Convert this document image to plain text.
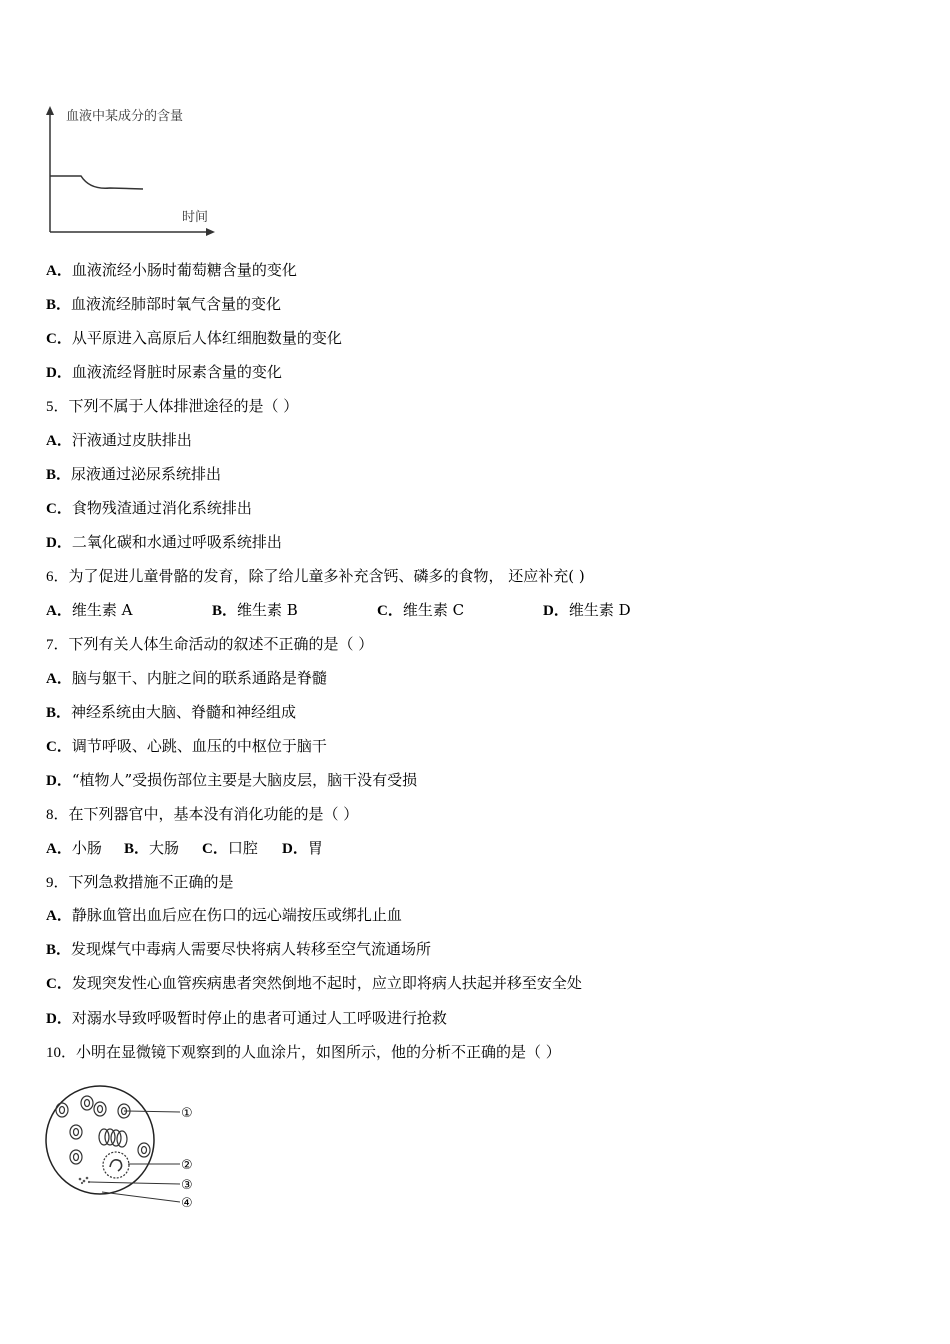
血液中某成分的含量
时间
A．血液流经小肠时葡萄糖含量的变化
B．血液流经肺部时氧气含量的变化
C．从平原进入高原后人体红细胞数量的变化
D．血液流经肾脏时尿素含量的变化
5．下列不属于人体排泄途径的是（ ）
A．汗液通过皮肤排出
B．尿液通过泌尿系统排出
C．食物残渣通过消化系统排出
D．二氧化碳和水通过呼吸系统排出
6．为了促进儿童骨骼的发育，除了给儿童多补充含钙、磷多的食物， 还应补充( )
A．维生素 A	B．维生素 B	C．维生素 C	D．维生素 D
7．下列有关人体生命活动的叙述不正确的是（ ）
A．脑与躯干、内脏之间的联系通路是脊髓
B．神经系统由大脑、脊髓和神经组成
C．调节呼吸、心跳、血压的中枢位于脑干
D．“植物人”受损伤部位主要是大脑皮层，脑干没有受损
8．在下列器官中，基本没有消化功能的是（ ）
A．小肠 B．大肠 C．口腔 D．胃
9．下列急救措施不正确的是
A．静脉血管出血后应在伤口的远心端按压或绑扎止血
B．发现煤气中毒病人需要尽快将病人转移至空气流通场所
C．发现突发性心血管疾病患者突然倒地不起时，应立即将病人扶起并移至安全处
D．对溺水导致呼吸暂时停止的患者可通过人工呼吸进行抢救
10．小明在显微镜下观察到的人血涂片，如图所示，他的分析不正确的是（ ）
①
②
③
④
